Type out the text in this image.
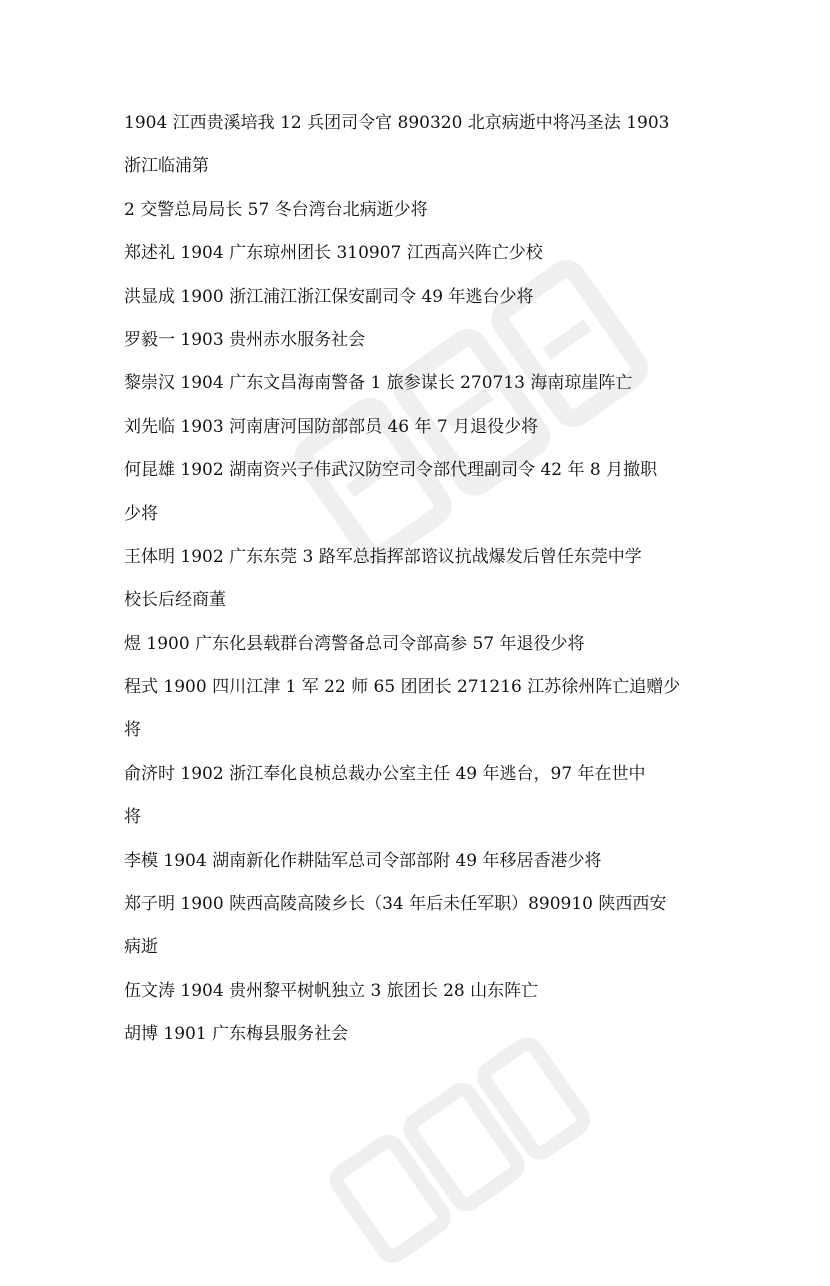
1904 江西贵溪培我 12 兵团司令官 890320 北京病逝中将冯圣法 1903
浙江临浦第
2 交警总局局长 57 冬台湾台北病逝少将
郑述礼 1904 广东琼州团长 310907 江西高兴阵亡少校
洪显成 1900 浙江浦江浙江保安副司令 49 年逃台少将
罗毅一 1903 贵州赤水服务社会
黎崇汉 1904 广东文昌海南警备 1 旅参谋长 270713 海南琼崖阵亡
刘先临 1903 河南唐河国防部部员 46 年 7 月退役少将
何昆雄 1902 湖南资兴子伟武汉防空司令部代理副司令 42 年 8 月撤职
少将
王体明 1902 广东东莞 3 路军总指挥部谘议抗战爆发后曾任东莞中学
校长后经商董
煜 1900 广东化县载群台湾警备总司令部高参 57 年退役少将
程式 1900 四川江津 1 军 22 师 65 团团长 271216 江苏徐州阵亡追赠少
将
俞济时 1902 浙江奉化良桢总裁办公室主任 49 年逃台，97 年在世中
将
李模 1904 湖南新化作耕陆军总司令部部附 49 年移居香港少将
郑子明 1900 陕西高陵高陵乡长（34 年后未任军职）890910 陕西西安
病逝
伍文涛 1904 贵州黎平树帆独立 3 旅团长 28 山东阵亡
胡博 1901 广东梅县服务社会
